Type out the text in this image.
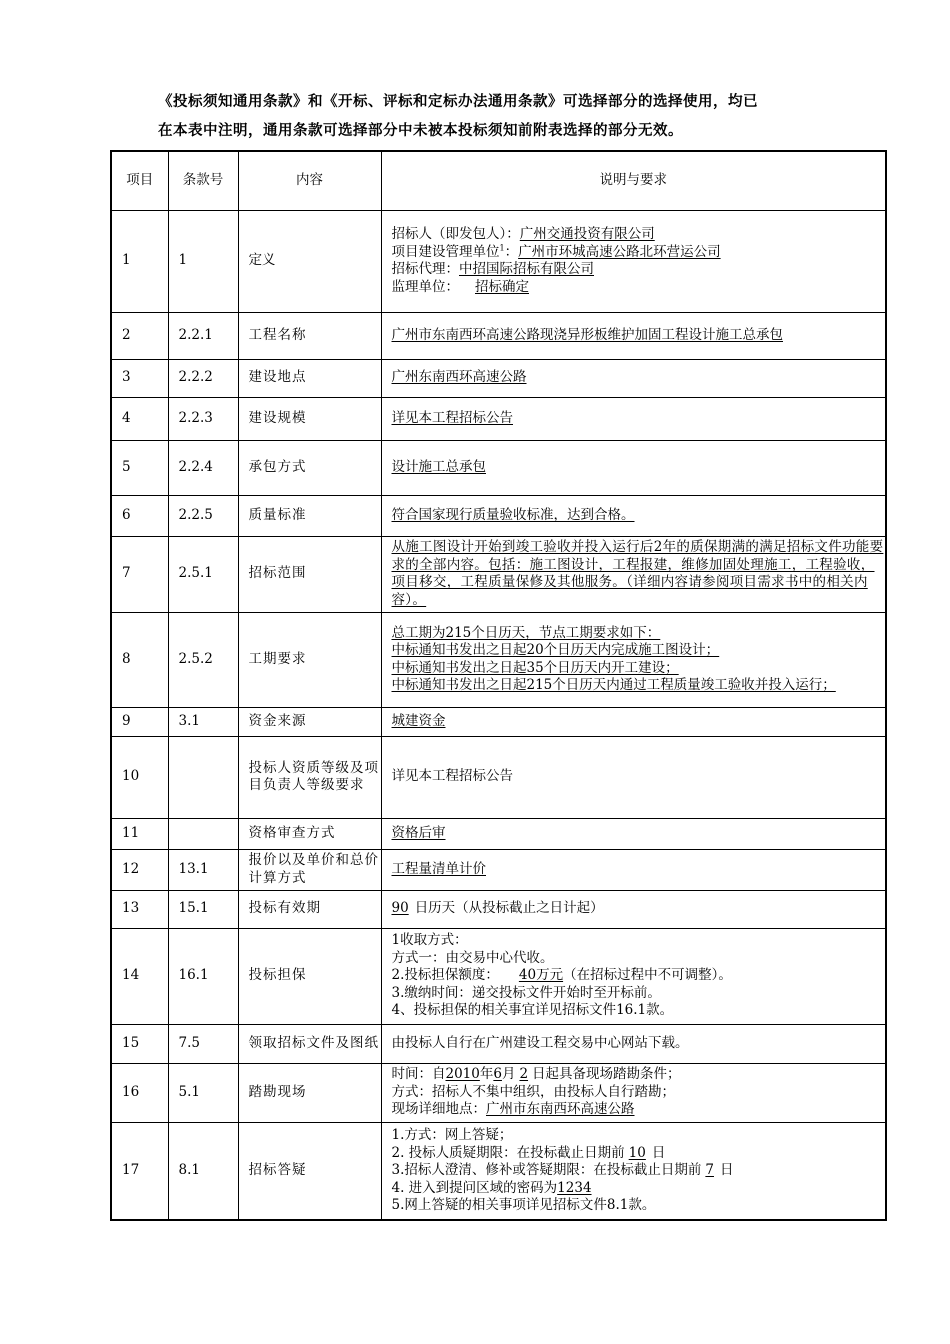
《投标须知通用条款》和《开标、评标和定标办法通用条款》可选择部分的选择使用，均已
在本表中注明，通用条款可选择部分中未被本投标须知前附表选择的部分无效。
项目	条款号	内容	说明与要求
1	1	定义	招标人（即发包人）：广州交通投资有限公司
项目建设管理单位$^1$：广州市环城高速公路北环营运公司
招标代理：中招国际招标有限公司
监理单位： 招标确定

2	2.2.1	工程名称	广州市东南西环高速公路现浇异形板维护加固工程设计施工总承包
3	2.2.2	建设地点	广州东南西环高速公路
4	2.2.3	建设规模	详见本工程招标公告
5	2.2.4	承包方式	设计施工总承包
6	2.2.5	质量标准	符合国家现行质量验收标准，达到合格。
7	2.5.1	招标范围	从施工图设计开始到竣工验收并投入运行后2年的质保期满的满足招标文件功能要求的全部内容。包括：施工图设计，工程报建，维修加固处理施工，工程验收，项目移交，工程质量保修及其他服务。（详细内容请参阅项目需求书中的相关内容）。
8	2.5.2	工期要求	总工期为215个日历天，节点工期要求如下：
中标通知书发出之日起20个日历天内完成施工图设计；
中标通知书发出之日起35个日历天内开工建设；
中标通知书发出之日起215个日历天内通过工程质量竣工验收并投入运行；

9	3.1	资金来源	城建资金
10		投标人资质等级及项目负责人等级要求	详见本工程招标公告
11		资格审查方式	资格后审
12	13.1	报价以及单价和总价计算方式	工程量清单计价
13	15.1	投标有效期	90 日历天（从投标截止之日计起）
14	16.1	投标担保	1收取方式：
方式一：由交易中心代收。
2.投标担保额度： 40万元（在招标过程中不可调整）。
3.缴纳时间：递交投标文件开始时至开标前。
4、投标担保的相关事宜详见招标文件16.1款。

15	7.5	领取招标文件及图纸	由投标人自行在广州建设工程交易中心网站下载。
16	5.1	踏勘现场	时间：自2010年6月 2 日起具备现场踏勘条件；
方式：招标人不集中组织，由投标人自行踏勘；
现场详细地点：广州市东南西环高速公路

17	8.1	招标答疑	1.方式：网上答疑；
2. 投标人质疑期限：在投标截止日期前 10 日
3.招标人澄清、修补或答疑期限：在投标截止日期前 7 日
4. 进入到提问区域的密码为1234
5.网上答疑的相关事项详见招标文件8.1款。
